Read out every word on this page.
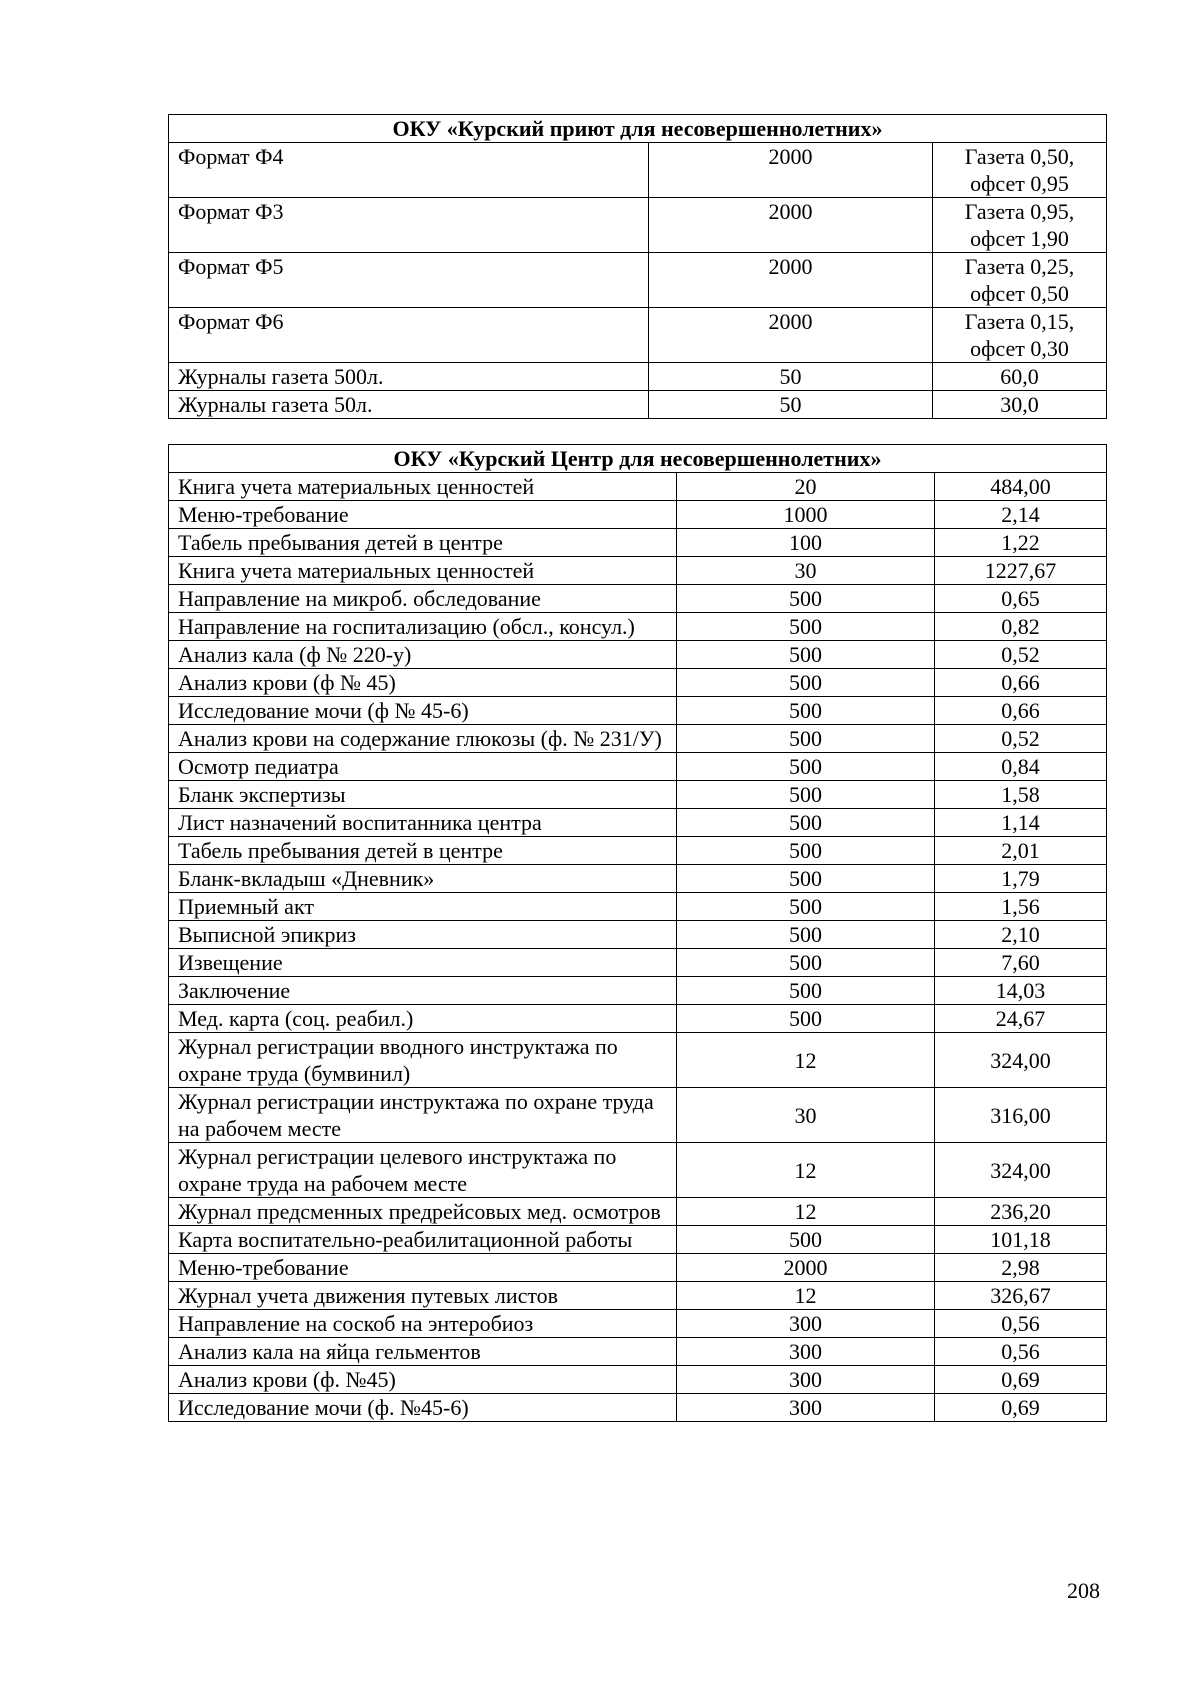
ОКУ «Курский приют для несовершеннолетних»		
Формат Ф4	2000	Газета 0,50, офсет 0,95
Формат Ф3	2000	Газета 0,95, офсет 1,90
Формат Ф5	2000	Газета 0,25, офсет 0,50
Формат Ф6	2000	Газета 0,15, офсет 0,30
Журналы газета 500л.	50	60,0
Журналы газета 50л.	50	30,0
ОКУ «Курский Центр для несовершеннолетних»		
Книга учета материальных ценностей	20	484,00
Меню-требование	1000	2,14
Табель пребывания детей в центре	100	1,22
Книга учета материальных ценностей	30	1227,67
Направление на микроб. обследование	500	0,65
Направление на госпитализацию (обсл., консул.)	500	0,82
Анализ кала (ф № 220-у)	500	0,52
Анализ крови (ф № 45)	500	0,66
Исследование мочи (ф № 45-6)	500	0,66
Анализ крови на содержание глюкозы (ф. № 231/У)	500	0,52
Осмотр педиатра	500	0,84
Бланк экспертизы	500	1,58
Лист назначений воспитанника центра	500	1,14
Табель пребывания детей в центре	500	2,01
Бланк-вкладыш «Дневник»	500	1,79
Приемный акт	500	1,56
Выписной эпикриз	500	2,10
Извещение	500	7,60
Заключение	500	14,03
Мед. карта (соц. реабил.)	500	24,67
Журнал регистрации вводного инструктажа по охране труда (бумвинил)	12	324,00
Журнал регистрации инструктажа по охране труда на рабочем месте	30	316,00
Журнал регистрации целевого инструктажа по охране труда на рабочем месте	12	324,00
Журнал предсменных предрейсовых мед. осмотров	12	236,20
Карта воспитательно-реабилитационной работы	500	101,18
Меню-требование	2000	2,98
Журнал учета движения путевых листов	12	326,67
Направление на соскоб на энтеробиоз	300	0,56
Анализ кала на яйца гельментов	300	0,56
Анализ крови (ф. №45)	300	0,69
Исследование мочи (ф. №45-6)	300	0,69
208
